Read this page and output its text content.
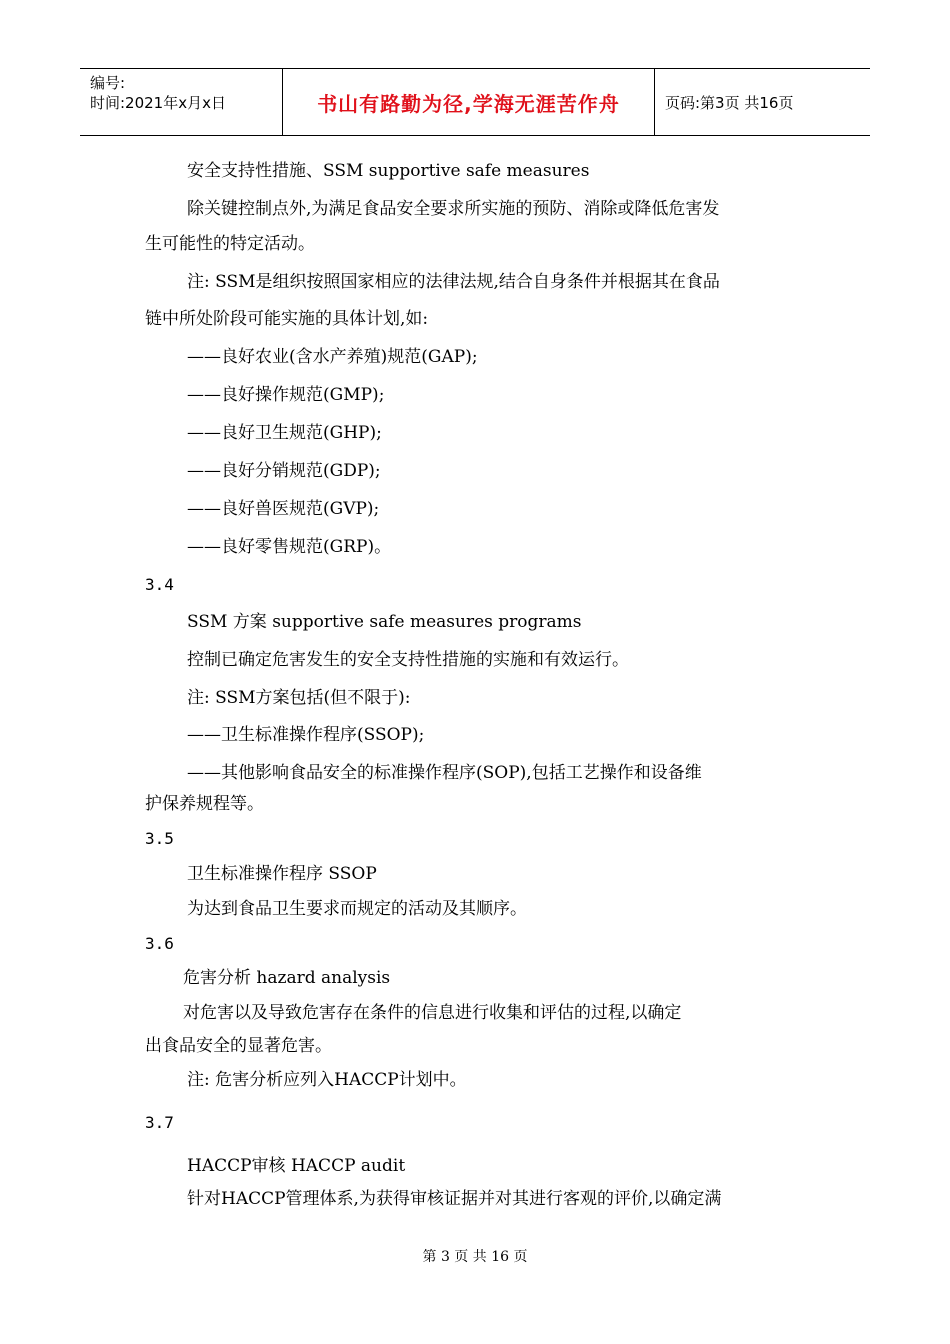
编号:
时间:2021年x月x日	书山有路勤为径,学海无涯苦作舟	页码:第3页 共16页
安全支持性措施、SSM supportive safe measures
除关键控制点外,为满足食品安全要求所实施的预防、消除或降低危害发
生可能性的特定活动。
注: SSM是组织按照国家相应的法律法规,结合自身条件并根据其在食品
链中所处阶段可能实施的具体计划,如:
——良好农业(含水产养殖)规范(GAP);
——良好操作规范(GMP);
——良好卫生规范(GHP);
——良好分销规范(GDP);
——良好兽医规范(GVP);
——良好零售规范(GRP)。
3.4
SSM 方案 supportive safe measures programs
控制已确定危害发生的安全支持性措施的实施和有效运行。
注: SSM方案包括(但不限于):
——卫生标准操作程序(SSOP);
——其他影响食品安全的标准操作程序(SOP),包括工艺操作和设备维
护保养规程等。
3.5
卫生标准操作程序 SSOP
为达到食品卫生要求而规定的活动及其顺序。
3.6
危害分析 hazard analysis
对危害以及导致危害存在条件的信息进行收集和评估的过程,以确定
出食品安全的显著危害。
注: 危害分析应列入HACCP计划中。
3.7
HACCP审核 HACCP audit
针对HACCP管理体系,为获得审核证据并对其进行客观的评价,以确定满
第 3 页 共 16 页
